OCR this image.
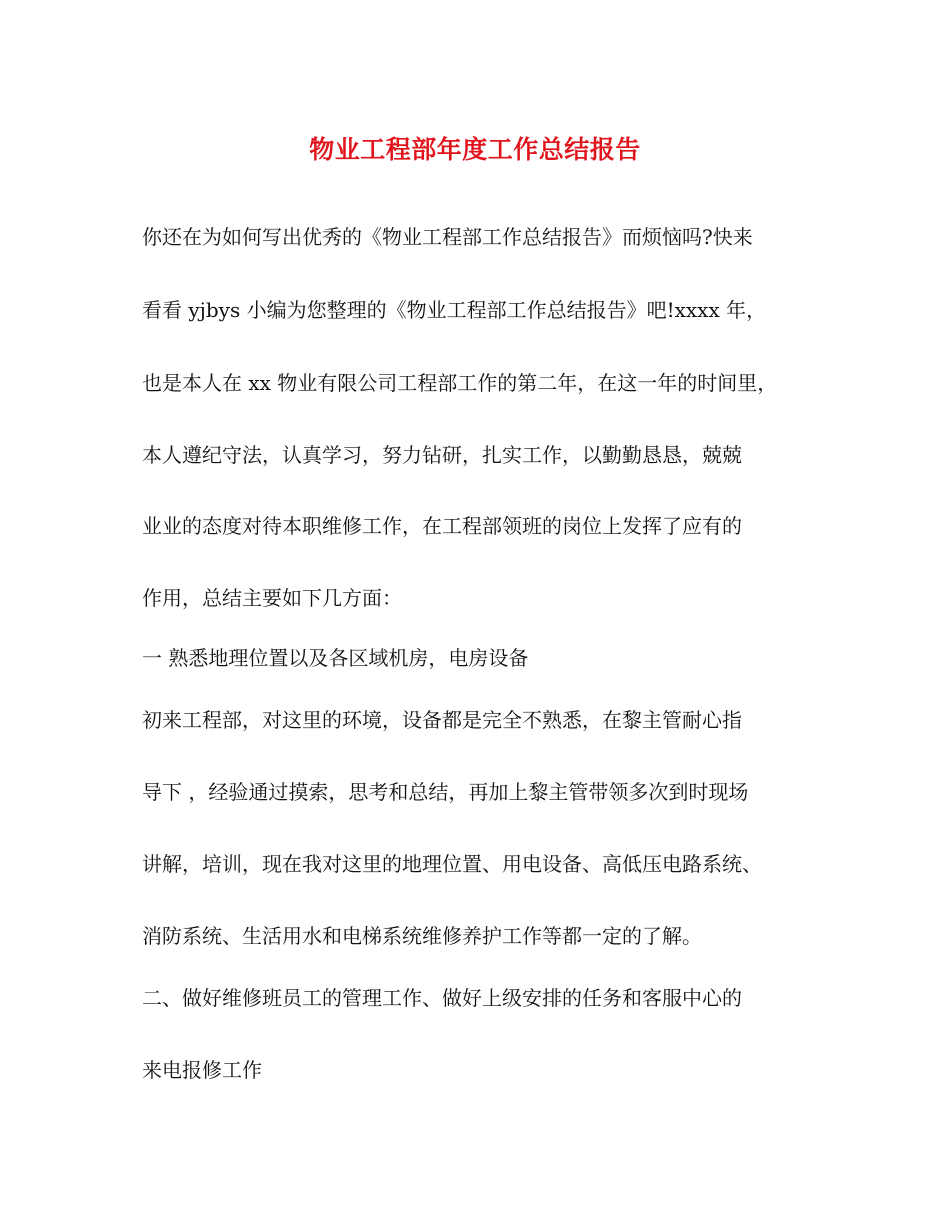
物业工程部年度工作总结报告

你还在为如何写出优秀的《物业工程部工作总结报告》而烦恼吗?快来

看看 yjbys 小编为您整理的《物业工程部工作总结报告》吧!xxxx 年，

也是本人在 xx 物业有限公司工程部工作的第二年，在这一年的时间里，

本人遵纪守法，认真学习，努力钻研，扎实工作，以勤勤恳恳，兢兢

业业的态度对待本职维修工作，在工程部领班的岗位上发挥了应有的

作用，总结主要如下几方面：

一 熟悉地理位置以及各区域机房，电房设备

初来工程部，对这里的环境，设备都是完全不熟悉，在黎主管耐心指

导下 ，经验通过摸索，思考和总结，再加上黎主管带领多次到时现场

讲解，培训，现在我对这里的地理位置、用电设备、高低压电路系统、

消防系统、生活用水和电梯系统维修养护工作等都一定的了解。

二、做好维修班员工的管理工作、做好上级安排的任务和客服中心的

来电报修工作
